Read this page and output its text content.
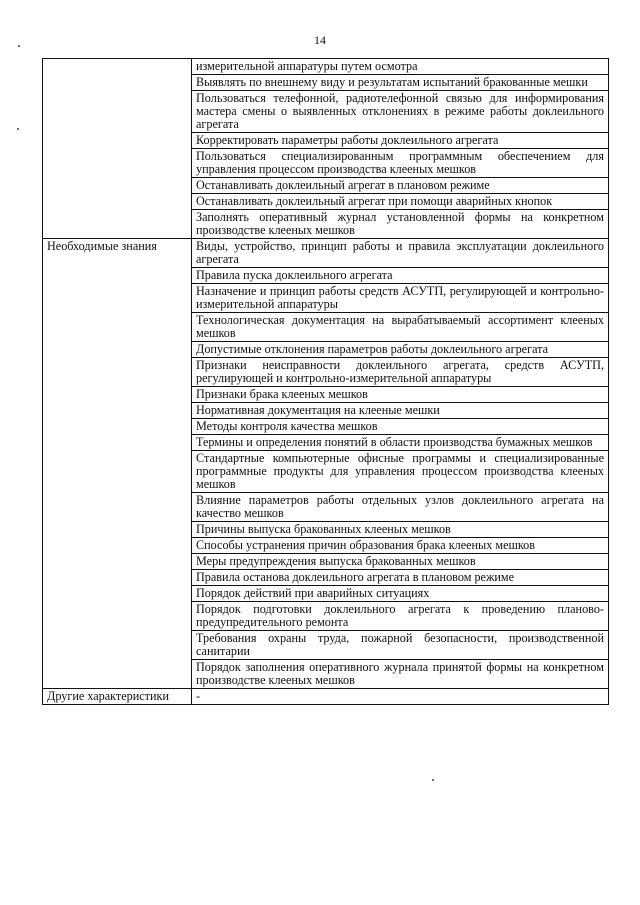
14
	измерительной аппаратуры путем осмотра
	Выявлять по внешнему виду и результатам испытаний бракованные мешки
	Пользоваться телефонной, радиотелефонной связью для информирования мастера смены о выявленных отклонениях в режиме работы доклеильного агрегата
	Корректировать параметры работы доклеильного агрегата
	Пользоваться специализированным программным обеспечением для управления процессом производства клееных мешков
	Останавливать доклеильный агрегат в плановом режиме
	Останавливать доклеильный агрегат при помощи аварийных кнопок
	Заполнять оперативный журнал установленной формы на конкретном производстве клееных мешков
Необходимые знания	Виды, устройство, принцип работы и правила эксплуатации доклеильного агрегата
	Правила пуска доклеильного агрегата
	Назначение и принцип работы средств АСУТП, регулирующей и контрольно-измерительной аппаратуры
	Технологическая документация на вырабатываемый ассортимент клееных мешков
	Допустимые отклонения параметров работы доклеильного агрегата
	Признаки неисправности доклеильного агрегата, средств АСУТП, регулирующей и контрольно-измерительной аппаратуры
	Признаки брака клееных мешков
	Нормативная документация на клееные мешки
	Методы контроля качества мешков
	Термины и определения понятий в области производства бумажных мешков
	Стандартные компьютерные офисные программы и специализированные программные продукты для управления процессом производства клееных мешков
	Влияние параметров работы отдельных узлов доклеильного агрегата на качество мешков
	Причины выпуска бракованных клееных мешков
	Способы устранения причин образования брака клееных мешков
	Меры предупреждения выпуска бракованных мешков
	Правила останова доклеильного агрегата в плановом режиме
	Порядок действий при аварийных ситуациях
	Порядок подготовки доклеильного агрегата к проведению планово-предупредительного ремонта
	Требования охраны труда, пожарной безопасности, производственной санитарии
	Порядок заполнения оперативного журнала принятой формы на конкретном производстве клееных мешков
Другие характеристики	-
